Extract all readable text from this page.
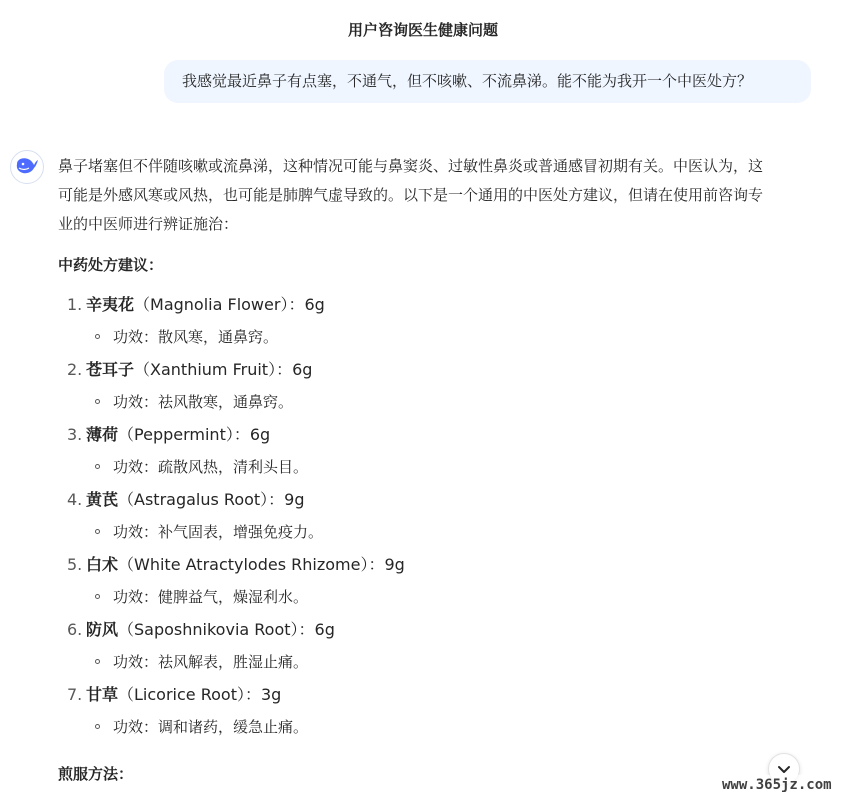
用户咨询医生健康问题
我感觉最近鼻子有点塞，不通气，但不咳嗽、不流鼻涕。能不能为我开一个中医处方？

鼻子堵塞但不伴随咳嗽或流鼻涕，这种情况可能与鼻窦炎、过敏性鼻炎或普通感冒初期有关。中医认为，这

可能是外感风寒或风热，也可能是肺脾气虚导致的。以下是一个通用的中医处方建议，但请在使用前咨询专

业的中医师进行辨证施治：

中药处方建议：

1. 辛夷花（Magnolia Flower）：6g
功效：散风寒，通鼻窍。
2. 苍耳子（Xanthium Fruit）：6g
功效：祛风散寒，通鼻窍。
3. 薄荷（Peppermint）：6g
功效：疏散风热，清利头目。
4. 黄芪（Astragalus Root）：9g
功效：补气固表，增强免疫力。
5. 白术（White Atractylodes Rhizome）：9g
功效：健脾益气，燥湿利水。
6. 防风（Saposhnikovia Root）：6g
功效：祛风解表，胜湿止痛。
7. 甘草（Licorice Root）：3g
功效：调和诸药，缓急止痛。
煎服方法：
www.365jz.com
